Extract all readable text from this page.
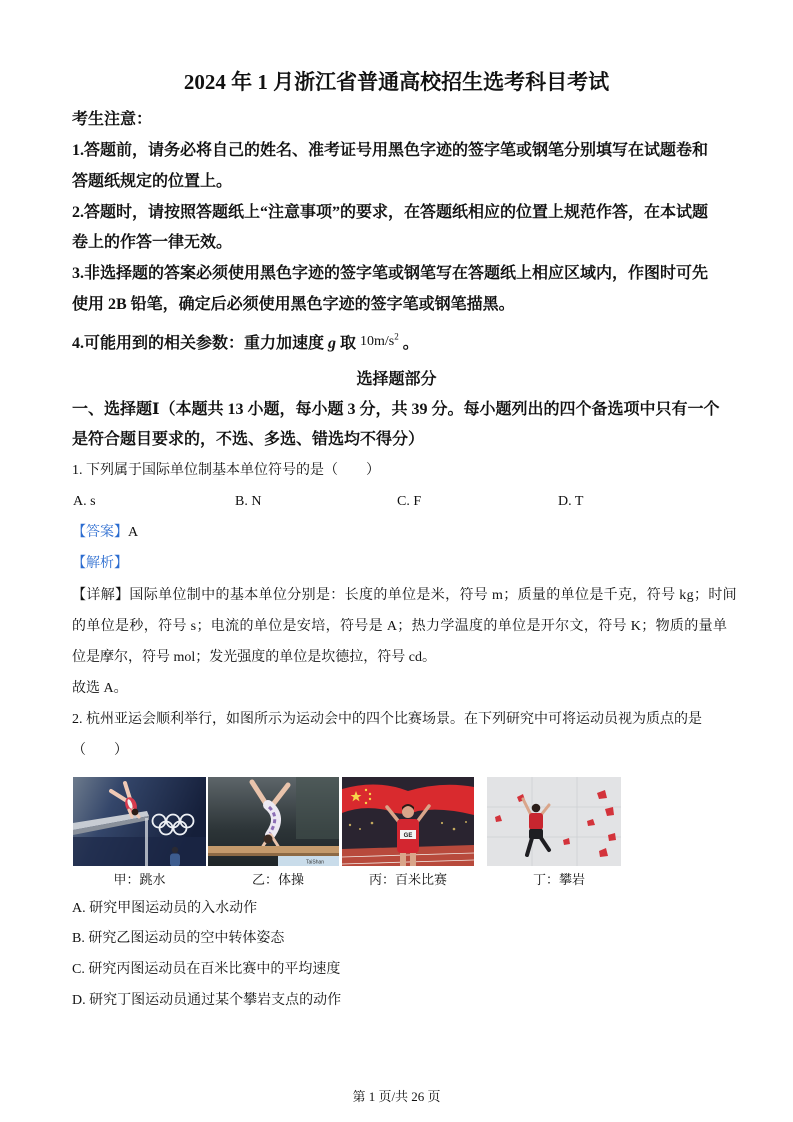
2024 年 1 月浙江省普通高校招生选考科目考试
考生注意：
1.答题前，请务必将自己的姓名、准考证号用黑色字迹的签字笔或钢笔分别填写在试题卷和
答题纸规定的位置上。
2.答题时，请按照答题纸上“注意事项”的要求，在答题纸相应的位置上规范作答，在本试题
卷上的作答一律无效。
3.非选择题的答案必须使用黑色字迹的签字笔或钢笔写在答题纸上相应区域内，作图时可先
使用 2B 铅笔，确定后必须使用黑色字迹的签字笔或钢笔描黑。
4.可能用到的相关参数：重力加速度 g 取 $10m/s^2$ 。
选择题部分
一、选择题Ⅰ（本题共 13 小题，每小题 3 分，共 39 分。每小题列出的四个备选项中只有一个
是符合题目要求的，不选、多选、错选均不得分）
1. 下列属于国际单位制基本单位符号的是（　　）
A. s	B. N	C. F	D. T
【答案】A
【解析】
【详解】国际单位制中的基本单位分别是：长度的单位是米，符号 m；质量的单位是千克，符号 kg；时间
的单位是秒，符号 s；电流的单位是安培，符号是 A；热力学温度的单位是开尔文，符号 K；物质的量单
位是摩尔，符号 mol；发光强度的单位是坎德拉，符号 cd。
故选 A。
2. 杭州亚运会顺利举行，如图所示为运动会中的四个比赛场景。在下列研究中可将运动员视为质点的是
（　　）
甲：跳水
TaiShan
乙：体操
GE
丙：百米比赛	丁：攀岩
A. 研究甲图运动员的入水动作
B. 研究乙图运动员的空中转体姿态
C. 研究丙图运动员在百米比赛中的平均速度
D. 研究丁图运动员通过某个攀岩支点的动作
第 1 页/共 26 页
